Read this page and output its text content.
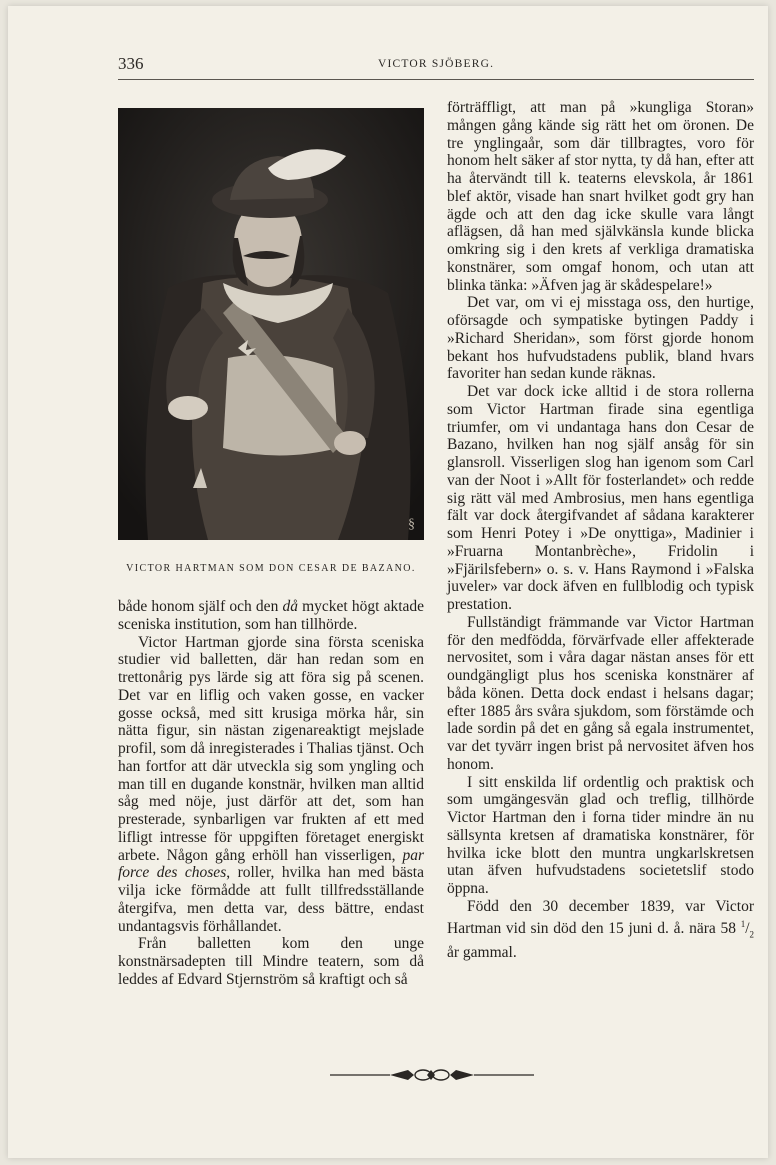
336	VICTOR SJÖBERG.
§
VICTOR HARTMAN SOM DON CESAR DE BAZANO.

både honom själf och den då mycket högt aktade sceniska institution, som han tillhörde.

Victor Hartman gjorde sina första sceniska studier vid balletten, där han redan som en trettonårig pys lärde sig att föra sig på scenen. Det var en liflig och vaken gosse, en vacker gosse också, med sitt krusiga mörka hår, sin nätta figur, sin nästan zigenareaktigt mejslade profil, som då inregisterades i Thalias tjänst. Och han fortfor att där utveckla sig som yngling och man till en dugande konstnär, hvilken man alltid såg med nöje, just därför att det, som han presterade, synbarligen var frukten af ett med lifligt intresse för uppgiften företaget energiskt arbete. Någon gång erhöll han visserligen, par force des choses, roller, hvilka han med bästa vilja icke förmådde att fullt tillfredsställande återgifva, men detta var, dess bättre, endast undantagsvis förhållandet.

Från balletten kom den unge konstnärsadepten till Mindre teatern, som då leddes af Edvard Stjernström så kraftigt och så

förträffligt, att man på »kungliga Storan» mången gång kände sig rätt het om öronen. De tre ynglingaår, som där tillbragtes, voro för honom helt säker af stor nytta, ty då han, efter att ha återvändt till k. teaterns elevskola, år 1861 blef aktör, visade han snart hvilket godt gry han ägde och att den dag icke skulle vara långt aflägsen, då han med självkänsla kunde blicka omkring sig i den krets af verkliga dramatiska konstnärer, som omgaf honom, och utan att blinka tänka: »Äfven jag är skådespelare!»

Det var, om vi ej misstaga oss, den hurtige, oförsagde och sympatiske bytingen Paddy i »Richard Sheridan», som först gjorde honom bekant hos hufvudstadens publik, bland hvars favoriter han sedan kunde räknas.

Det var dock icke alltid i de stora rollerna som Victor Hartman firade sina egentliga triumfer, om vi undantaga hans don Cesar de Bazano, hvilken han nog själf ansåg för sin glansroll. Visserligen slog han igenom som Carl van der Noot i »Allt för fosterlandet» och redde sig rätt väl med Ambrosius, men hans egentliga fält var dock återgifvandet af sådana karakterer som Henri Potey i »De onyttiga», Madinier i »Fruarna Montanbrèche», Fridolin i »Fjärilsfebern» o. s. v. Hans Raymond i »Falska juveler» var dock äfven en fullblodig och typisk prestation.

Fullständigt främmande var Victor Hartman för den medfödda, förvärfvade eller affekterade nervositet, som i våra dagar nästan anses för ett oundgängligt plus hos sceniska konstnärer af båda könen. Detta dock endast i helsans dagar; efter 1885 års svåra sjukdom, som förstämde och lade sordin på det en gång så egala instrumentet, var det tyvärr ingen brist på nervositet äfven hos honom.

I sitt enskilda lif ordentlig och praktisk och som umgängesvän glad och treflig, tillhörde Victor Hartman den i forna tider mindre än nu sällsynta kretsen af dramatiska konstnärer, för hvilka icke blott den muntra ungkarlskretsen utan äfven hufvudstadens societetslif stodo öppna.

Född den 30 december 1839, var Victor Hartman vid sin död den 15 juni d. å. nära 58 $^1/_2$ år gammal.
